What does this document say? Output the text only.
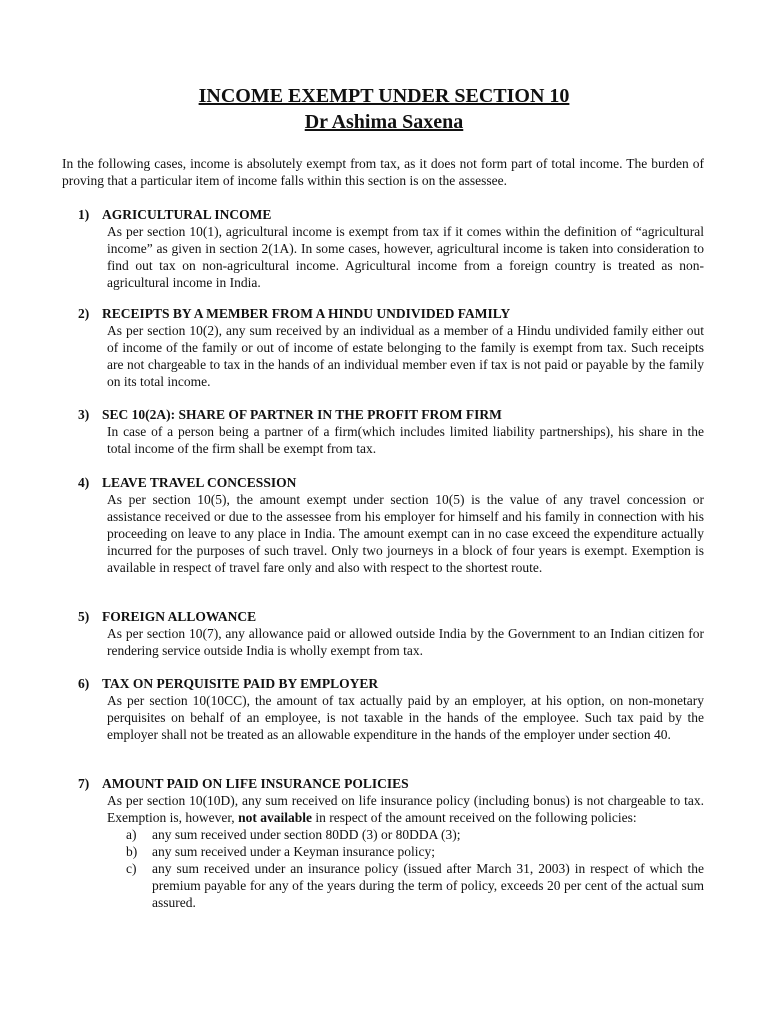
INCOME EXEMPT UNDER SECTION 10
Dr Ashima Saxena

In the following cases, income is absolutely exempt from tax, as it does not form part of total income. The burden of proving that a particular item of income falls within this section is on the assessee.

1) AGRICULTURAL INCOME

As per section 10(1), agricultural income is exempt from tax if it comes within the definition of “agricultural income” as given in section 2(1A). In some cases, however, agricultural income is taken into consideration to find out tax on non-agricultural income. Agricultural income from a foreign country is treated as non-agricultural income in India.

2) RECEIPTS BY A MEMBER FROM A HINDU UNDIVIDED FAMILY

As per section 10(2), any sum received by an individual as a member of a Hindu undivided family either out of income of the family or out of income of estate belonging to the family is exempt from tax. Such receipts are not chargeable to tax in the hands of an individual member even if tax is not paid or payable by the family on its total income.

3) SEC 10(2A): SHARE OF PARTNER IN THE PROFIT FROM FIRM

In case of a person being a partner of a firm(which includes limited liability partnerships), his share in the total income of the firm shall be exempt from tax.

4) LEAVE TRAVEL CONCESSION

As per section 10(5), the amount exempt under section 10(5) is the value of any travel concession or assistance received or due to the assessee from his employer for himself and his family in connection with his proceeding on leave to any place in India. The amount exempt can in no case exceed the expenditure actually incurred for the purposes of such travel. Only two journeys in a block of four years is exempt. Exemption is available in respect of travel fare only and also with respect to the shortest route.

5) FOREIGN ALLOWANCE

As per section 10(7), any allowance paid or allowed outside India by the Government to an Indian citizen for rendering service outside India is wholly exempt from tax.

6) TAX ON PERQUISITE PAID BY EMPLOYER

As per section 10(10CC), the amount of tax actually paid by an employer, at his option, on non-monetary perquisites on behalf of an employee, is not taxable in the hands of the employee. Such tax paid by the employer shall not be treated as an allowable expenditure in the hands of the employer under section 40.

7) AMOUNT PAID ON LIFE INSURANCE POLICIES

As per section 10(10D), any sum received on life insurance policy (including bonus) is not chargeable to tax. Exemption is, however, not available in respect of the amount received on the following policies:

a)	any sum received under section 80DD (3) or 80DDA (3);
b)	any sum received under a Keyman insurance policy;
c)	any sum received under an insurance policy (issued after March 31, 2003) in respect of which the premium payable for any of the years during the term of policy, exceeds 20 per cent of the actual sum assured.
